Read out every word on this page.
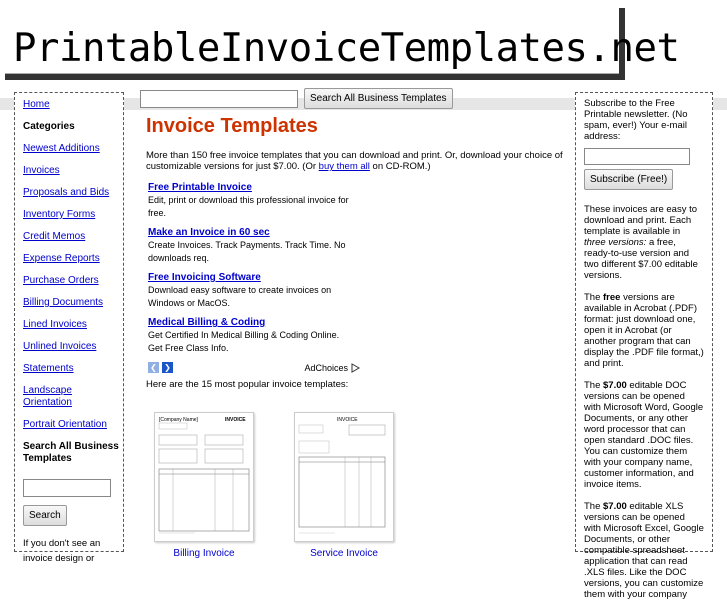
PrintableInvoiceTemplates.net
Home
Categories
Newest Additions
Invoices
Proposals and Bids
Inventory Forms
Credit Memos
Expense Reports
Purchase Orders
Billing Documents
Lined Invoices
Unlined Invoices
Statements
Landscape Orientation
Portrait Orientation
Search All Business Templates
Search
If you don't see an invoice design or
Search All Business Templates
Invoice Templates

More than 150 free invoice templates that you can download and print. Or, download your choice of customizable versions for just $7.00. (Or buy them all on CD-ROM.)

Free Printable Invoice
Edit, print or download this professional invoice for free.
Make an Invoice in 60 sec
Create Invoices. Track Payments. Track Time. No downloads req.
Free Invoicing Software
Download easy software to create invoices on Windows or MacOS.
Medical Billing & Coding
Get Certified In Medical Billing & Coding Online. Get Free Class Info.
❮ ❯	AdChoices

Here are the 15 most popular invoice templates:

[Company Name]	INVOICE
Billing Invoice
INVOICE
Service Invoice
Subscribe to the Free Printable newsletter. (No spam, ever!) Your e-mail address:
Subscribe (Free!)

These invoices are easy to download and print. Each template is available in three versions: a free, ready-to-use version and two different $7.00 editable versions.

The free versions are available in Acrobat (.PDF) format: just download one, open it in Acrobat (or another program that can display the .PDF file format,) and print.

The $7.00 editable DOC versions can be opened with Microsoft Word, Google Documents, or any other word processor that can open standard .DOC files. You can customize them with your company name, customer information, and invoice items.

The $7.00 editable XLS versions can be opened with Microsoft Excel, Google Documents, or other compatible spreadsheet application that can read .XLS files. Like the DOC versions, you can customize them with your company
